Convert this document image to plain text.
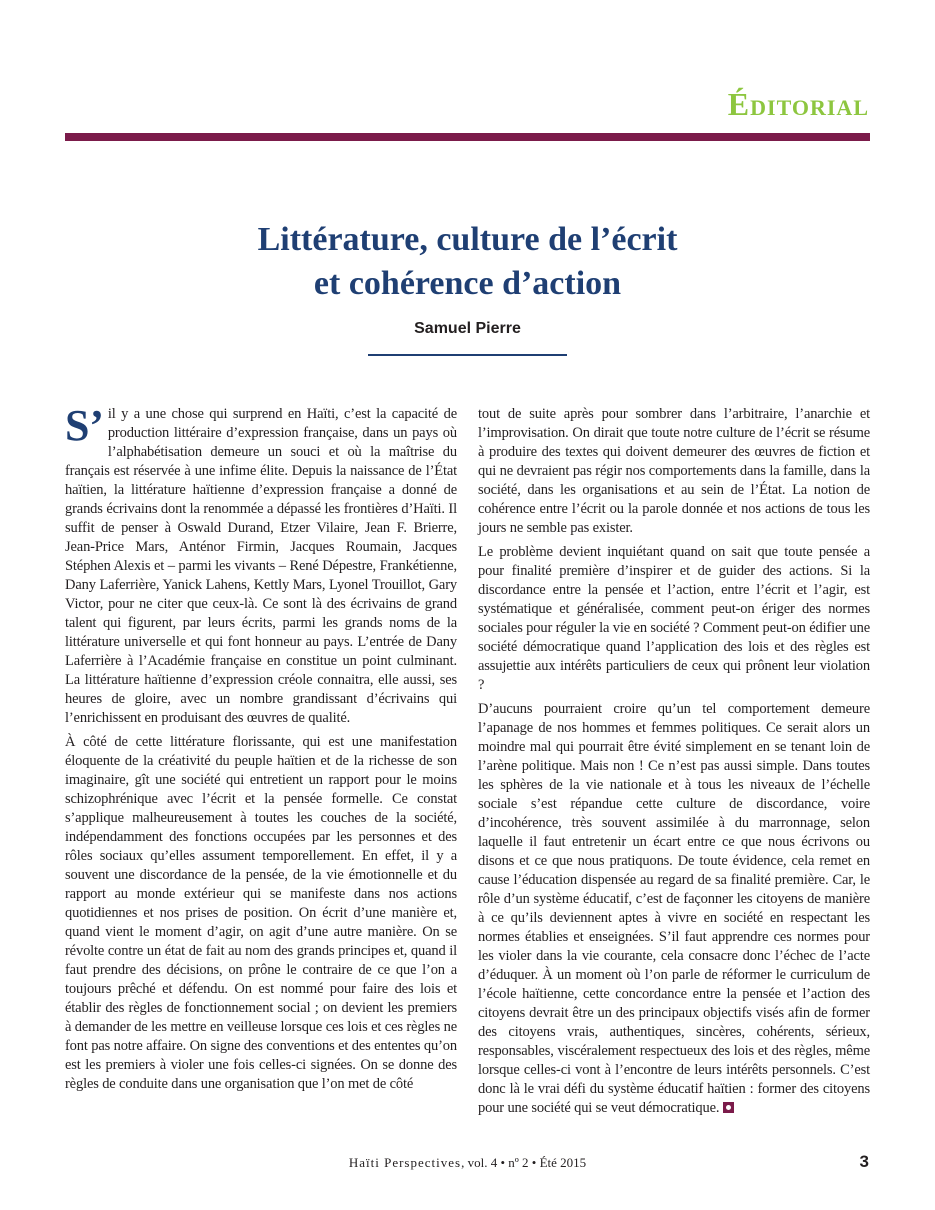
Éditorial
Littérature, culture de l’écrit
et cohérence d’action
Samuel Pierre

S’ il y a une chose qui surprend en Haïti, c’est la capacité de production littéraire d’expression française, dans un pays où l’alphabétisation demeure un souci et où la maîtrise du français est réservée à une infime élite. Depuis la naissance de l’État haïtien, la littérature haïtienne d’expression française a donné de grands écrivains dont la renommée a dépassé les frontières d’Haïti. Il suffit de penser à Oswald Durand, Etzer Vilaire, Jean F. Brierre, Jean-Price Mars, Anténor Firmin, Jacques Roumain, Jacques Stéphen Alexis et – parmi les vivants – René Dépestre, Frankétienne, Dany Laferrière, Yanick Lahens, Kettly Mars, Lyonel Trouillot, Gary Victor, pour ne citer que ceux-là. Ce sont là des écrivains de grand talent qui figurent, par leurs écrits, parmi les grands noms de la littérature universelle et qui font honneur au pays. L’entrée de Dany Laferrière à l’Académie française en constitue un point culminant. La littérature haïtienne d’expression créole connaitra, elle aussi, ses heures de gloire, avec un nombre grandissant d’écrivains qui l’enrichissent en produisant des œuvres de qualité.

À côté de cette littérature florissante, qui est une manifestation éloquente de la créativité du peuple haïtien et de la richesse de son imaginaire, gît une société qui entretient un rapport pour le moins schizophrénique avec l’écrit et la pensée formelle. Ce constat s’applique malheureusement à toutes les couches de la société, indépendamment des fonctions occupées par les personnes et des rôles sociaux qu’elles assument temporellement. En effet, il y a souvent une discordance de la pensée, de la vie émotionnelle et du rapport au monde extérieur qui se manifeste dans nos actions quotidiennes et nos prises de position. On écrit d’une manière et, quand vient le moment d’agir, on agit d’une autre manière. On se révolte contre un état de fait au nom des grands principes et, quand il faut prendre des décisions, on prône le contraire de ce que l’on a toujours prêché et défendu. On est nommé pour faire des lois et établir des règles de fonctionnement social ; on devient les premiers à demander de les mettre en veilleuse lorsque ces lois et ces règles ne font pas notre affaire. On signe des conventions et des ententes qu’on est les premiers à violer une fois celles-ci signées. On se donne des règles de conduite dans une organisation que l’on met de côté

tout de suite après pour sombrer dans l’arbitraire, l’anarchie et l’improvisation. On dirait que toute notre culture de l’écrit se résume à produire des textes qui doivent demeurer des œuvres de fiction et qui ne devraient pas régir nos comportements dans la famille, dans la société, dans les organisations et au sein de l’État. La notion de cohérence entre l’écrit ou la parole donnée et nos actions de tous les jours ne semble pas exister.

Le problème devient inquiétant quand on sait que toute pensée a pour finalité première d’inspirer et de guider des actions. Si la discordance entre la pensée et l’action, entre l’écrit et l’agir, est systématique et généralisée, comment peut-on ériger des normes sociales pour réguler la vie en société ? Comment peut-on édifier une société démocratique quand l’application des lois et des règles est assujettie aux intérêts particuliers de ceux qui prônent leur violation ?

D’aucuns pourraient croire qu’un tel comportement demeure l’apanage de nos hommes et femmes politiques. Ce serait alors un moindre mal qui pourrait être évité simplement en se tenant loin de l’arène politique. Mais non ! Ce n’est pas aussi simple. Dans toutes les sphères de la vie nationale et à tous les niveaux de l’échelle sociale s’est répandue cette culture de discordance, voire d’incohérence, très souvent assimilée à du marronnage, selon laquelle il faut entretenir un écart entre ce que nous écrivons ou disons et ce que nous pratiquons. De toute évidence, cela remet en cause l’éducation dispensée au regard de sa finalité première. Car, le rôle d’un système éducatif, c’est de façonner les citoyens de manière à ce qu’ils deviennent aptes à vivre en société en respectant les normes établies et enseignées. S’il faut apprendre ces normes pour les violer dans la vie courante, cela consacre donc l’échec de l’acte d’éduquer. À un moment où l’on parle de réformer le curriculum de l’école haïtienne, cette concordance entre la pensée et l’action des citoyens devrait être un des principaux objectifs visés afin de former des citoyens vrais, authentiques, sincères, cohérents, sérieux, responsables, viscéralement respectueux des lois et des règles, même lorsque celles-ci vont à l’encontre de leurs intérêts personnels. C’est donc là le vrai défi du système éducatif haïtien : former des citoyens pour une société qui se veut démocratique.

Haïti Perspectives, vol. 4 • nº 2 • Été 2015	3
